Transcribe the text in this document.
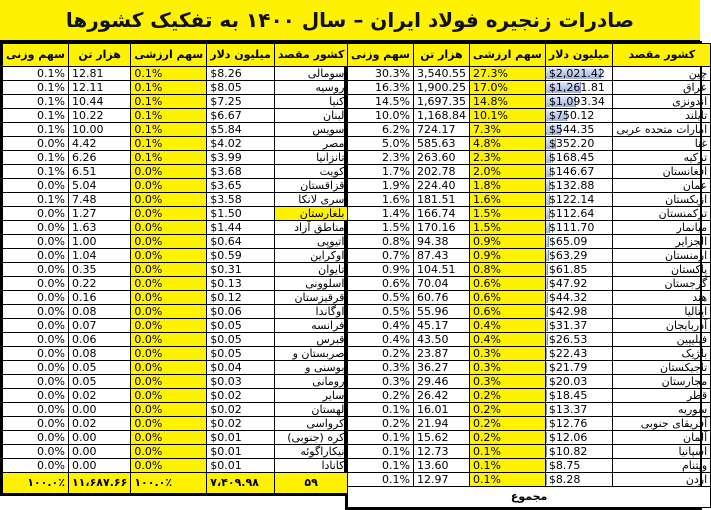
صادرات زنجیره فولاد ایران – سال ۱۴۰۰ به تفکیک کشورها
سهم وزنی	هزار تن	سهم ارزشی	میلیون دلار	کشور مقصد
30.3%	3,540.55	27.3%	$2,021.42	چین
16.3%	1,900.25	17.0%	$1,261.81	عراق
14.5%	1,697.35	14.8%	$1,093.34	اندونزی
10.0%	1,168.84	10.1%	$750.12	تایلند
6.2%	724.17	7.3%	$544.35	امارات متحده عربی
5.0%	585.63	4.8%	$352.20	غنا
2.3%	263.60	2.3%	$168.45	ترکیه
1.7%	202.78	2.0%	$146.67	افغانستان
1.9%	224.40	1.8%	$132.88	عمان
1.6%	181.51	1.6%	$122.14	ازبکستان
1.4%	166.74	1.5%	$112.64	ترکمنستان
1.5%	170.16	1.5%	$111.70	میانمار
0.8%	94.38	0.9%	$65.09	الجزایر
0.7%	87.43	0.9%	$63.29	ارمنستان
0.9%	104.51	0.8%	$61.85	پاکستان
0.6%	70.04	0.6%	$47.92	گرجستان
0.5%	60.76	0.6%	$44.32	هند
0.5%	55.96	0.6%	$42.98	ایتالیا
0.4%	45.17	0.4%	$31.37	آذربایجان
0.4%	43.50	0.4%	$26.53	فیلیپین
0.2%	23.87	0.3%	$22.43	بلژیک
0.3%	36.27	0.3%	$21.79	تاجیکستان
0.3%	29.46	0.3%	$20.03	مجارستان
0.2%	26.42	0.2%	$18.45	قطر
0.1%	16.01	0.2%	$13.37	سوریه
0.2%	21.94	0.2%	$12.76	آفریقای جنوبی
0.1%	15.62	0.2%	$12.06	آلمان
0.1%	12.73	0.1%	$10.82	اسپانیا
0.1%	13.60	0.1%	$8.75	ویتنام
0.1%	12.97	0.1%	$8.28	اردن
مجموع				
سهم وزنی	هزار تن	سهم ارزشی	میلیون دلار	کشور مقصد
0.1%	12.81	0.1%	$8.26	سومالی
0.1%	12.11	0.1%	$8.05	روسیه
0.1%	10.44	0.1%	$7.25	کنیا
0.1%	10.22	0.1%	$6.67	لبنان
0.1%	10.00	0.1%	$5.84	سویس
0.0%	4.42	0.1%	$4.02	مصر
0.1%	6.26	0.1%	$3.99	تانزانیا
0.1%	6.51	0.0%	$3.68	کویت
0.0%	5.04	0.0%	$3.65	قزاقستان
0.1%	7.48	0.0%	$3.58	سری لانکا
0.0%	1.27	0.0%	$1.50	بلغارستان
0.0%	1.63	0.0%	$1.44	مناطق آزاد
0.0%	1.00	0.0%	$0.64	اتیوپی
0.0%	1.04	0.0%	$0.59	اوکراین
0.0%	0.35	0.0%	$0.31	تایوان
0.0%	0.22	0.0%	$0.13	اسلوونی
0.0%	0.16	0.0%	$0.12	قرقیزستان
0.0%	0.08	0.0%	$0.06	اوگاندا
0.0%	0.07	0.0%	$0.05	فرانسه
0.0%	0.06	0.0%	$0.05	قبرس
0.0%	0.08	0.0%	$0.05	صربستان و
0.0%	0.05	0.0%	$0.04	بوسنی و
0.0%	0.05	0.0%	$0.03	رومانی
0.0%	0.02	0.0%	$0.02	سایر
0.0%	0.00	0.0%	$0.02	لهستان
0.0%	0.02	0.0%	$0.02	کرواسی
0.0%	0.00	0.0%	$0.01	کره (جنوبی)
0.0%	0.00	0.0%	$0.01	نیکاراگوئه
0.0%	0.00	0.0%	$0.01	کانادا
۱۰۰.۰٪	۱۱،۶۸۷.۶۶	۱۰۰.۰٪	۷،۴۰۹.۹۸	۵۹
